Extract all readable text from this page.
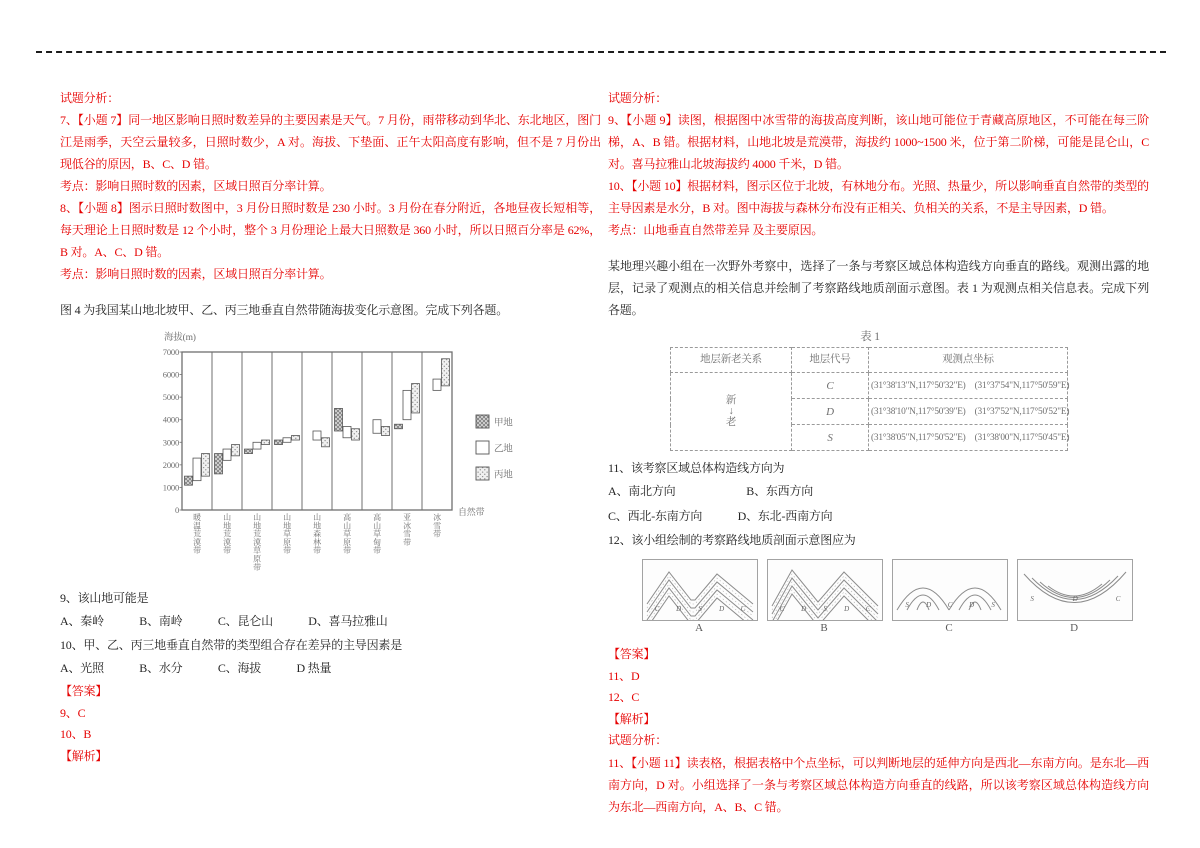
试题分析：

7、【小题 7】同一地区影响日照时数差异的主要因素是天气。7 月份，雨带移动到华北、东北地区，图门江是雨季，天空云量较多，日照时数少，A 对。海拔、下垫面、正午太阳高度有影响，但不是 7 月份出现低谷的原因，B、C、D 错。

考点：影响日照时数的因素，区域日照百分率计算。

8、【小题 8】图示日照时数图中，3 月份日照时数是 230 小时。3 月份在春分附近，各地昼夜长短相等，每天理论上日照时数是 12 个小时，整个 3 月份理论上最大日照数是 360 小时，所以日照百分率是 62%，B 对。A、C、D 错。

考点：影响日照时数的因素，区域日照百分率计算。

图 4 为我国某山地北坡甲、乙、丙三地垂直自然带随海拔变化示意图。完成下列各题。

海拔(m)
0
1000
2000
3000
4000
5000
6000
7000
暖温荒漠带
山地荒漠带
山地荒漠草原带
山地草原带
山地森林带
高山草原带
高山草甸带
亚冰雪带
冰雪带
自然带
甲地
乙地
丙地

9、该山地可能是

A、秦岭　　　B、南岭　　　C、昆仑山　　　D、喜马拉雅山

10、甲、乙、丙三地垂直自然带的类型组合存在差异的主导因素是

A、光照　　　B、水分　　　C、海拔　　　D 热量

【答案】

9、C

10、B

【解析】

试题分析：

9、【小题 9】读图，根据图中冰雪带的海拔高度判断，该山地可能位于青藏高原地区，不可能在每三阶梯，A、B 错。根据材料，山地北坡是荒漠带，海拔约 1000~1500 米，位于第二阶梯，可能是昆仑山，C 对。喜马拉雅山北坡海拔约 4000 千米，D 错。

10、【小题 10】根据材料，图示区位于北坡，有林地分布。光照、热量少，所以影响垂直自然带的类型的主导因素是水分，B 对。图中海拔与森林分布没有正相关、负相关的关系，不是主导因素，D 错。

考点：山地垂直自然带差异 及主要原因。

某地理兴趣小组在一次野外考察中，选择了一条与考察区域总体构造线方向垂直的路线。观测出露的地层，记录了观测点的相关信息并绘制了考察路线地质剖面示意图。表 1 为观测点相关信息表。完成下列各题。

表 1
地层新老关系	地层代号	观测点坐标

新
↓
老	C	(31°38'13"N,117°50'32"E)　(31°37'54"N,117°50'59"E)
	D	(31°38'10"N,117°50'39"E)　(31°37'52"N,117°50'52"E)
	S	(31°38'05"N,117°50'52"E)　(31°38'00"N,117°50'45"E)

11、该考察区域总体构造线方向为

A、南北方向　　　　　　B、东西方向

C、西北-东南方向　　　D、东北-西南方向

12、该小组绘制的考察路线地质剖面示意图应为

C D S D C
A
C D S D C
B
S D C D S
C
S	D	C
D

【答案】

11、D

12、C

【解析】

试题分析：

11、【小题 11】读表格，根据表格中个点坐标，可以判断地层的延伸方向是西北—东南方向。是东北—西南方向，D 对。小组选择了一条与考察区域总体构造方向垂直的线路，所以该考察区域总体构造线方向为东北—西南方向，A、B、C 错。
